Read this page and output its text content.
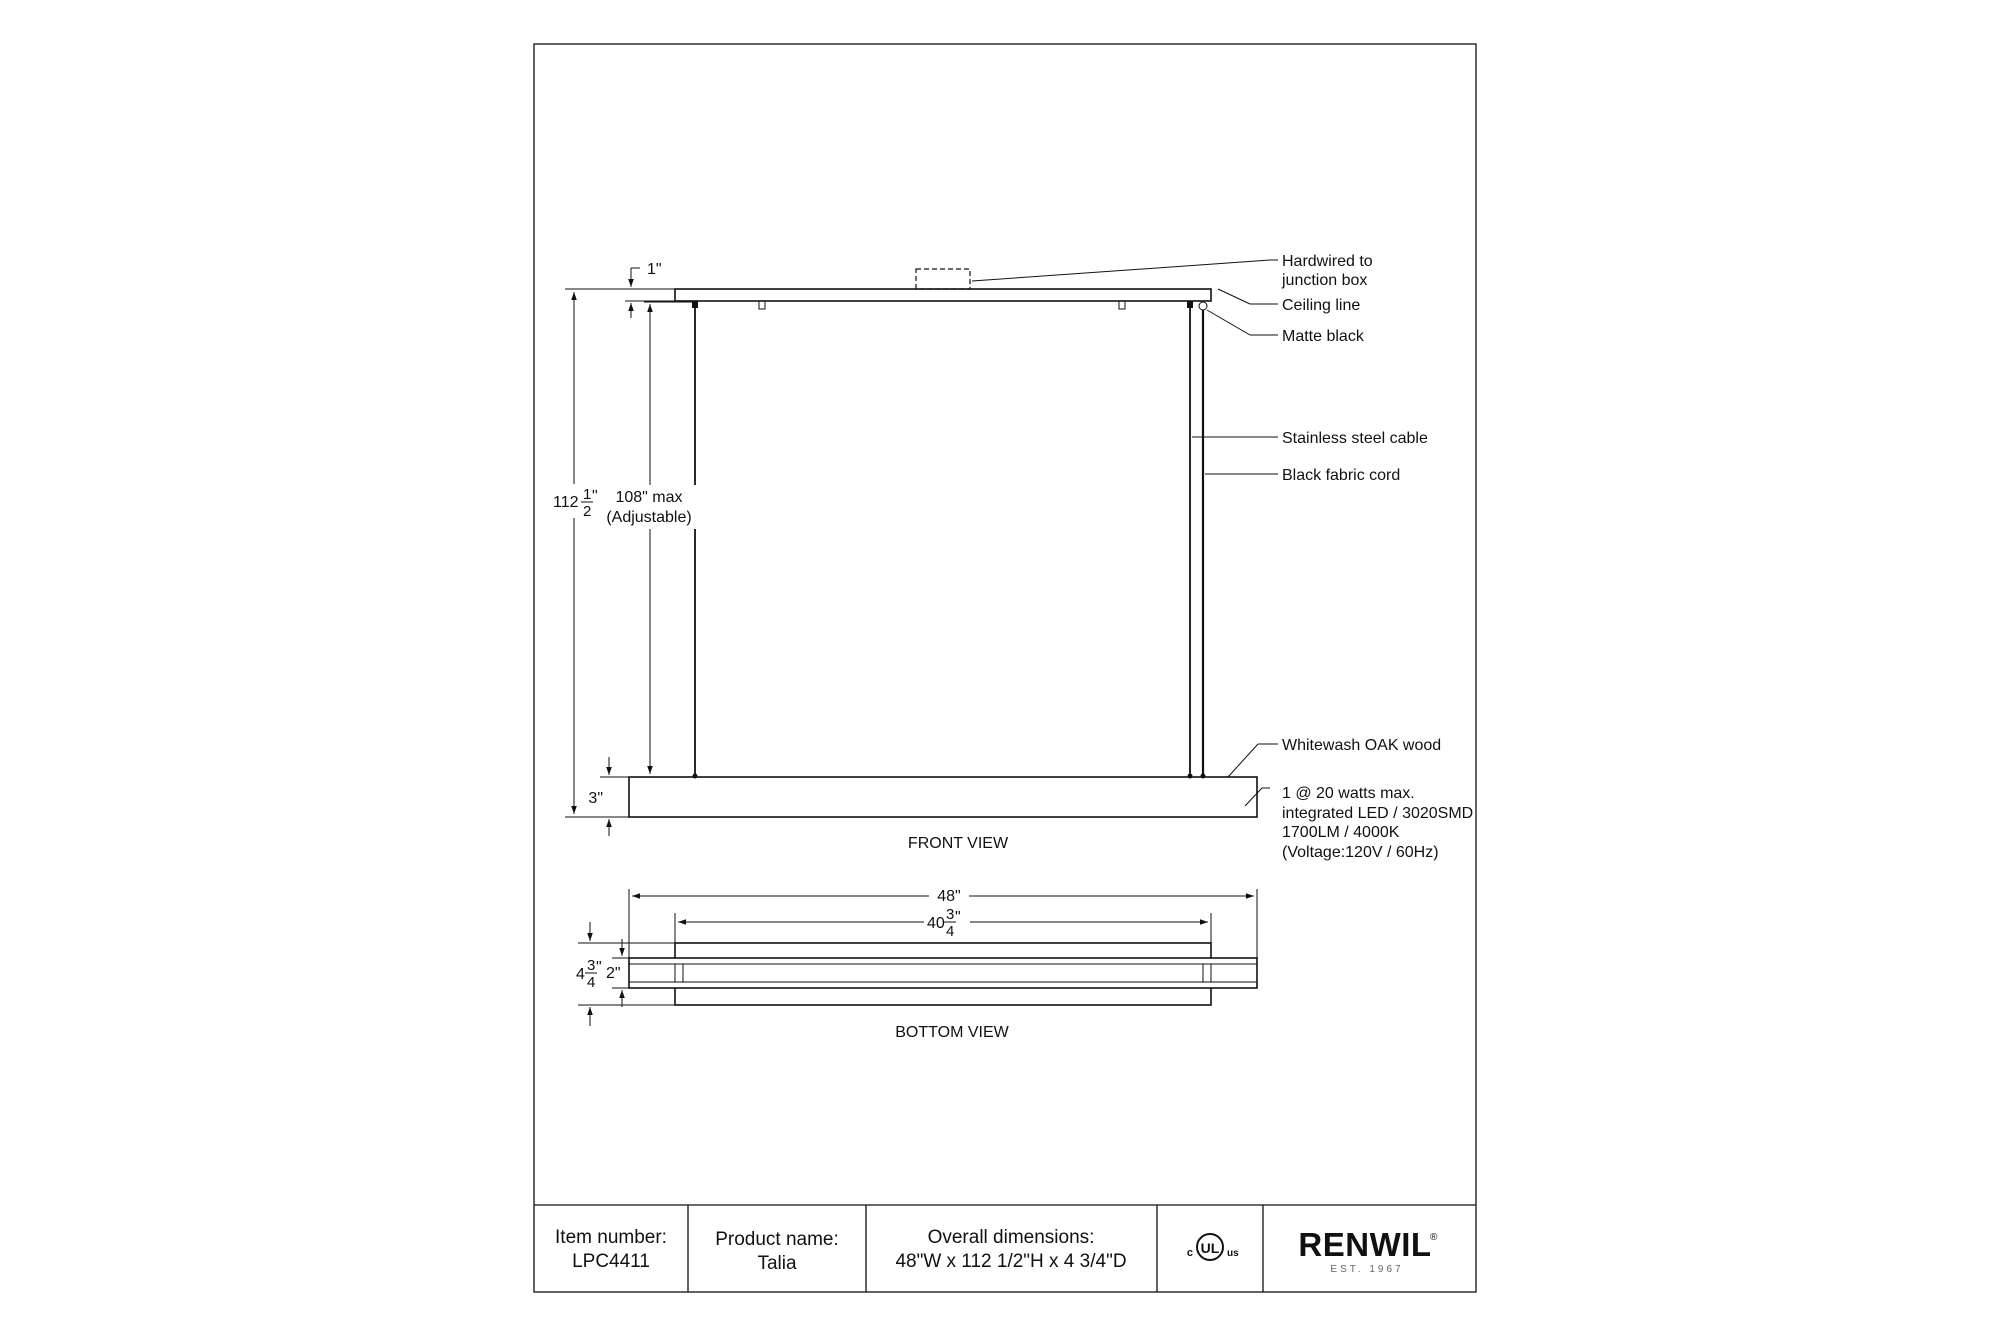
112 1
2
"
1"
108" max
(Adjustable)
3"
Hardwired to
junction box
Ceiling line
Matte black
Stainless steel cable
Black fabric cord
Whitewash OAK wood
1 @ 20 watts max.
integrated LED / 3020SMD
1700LM / 4000K
(Voltage:120V / 60Hz)
FRONT VIEW
48"
40
3
4
"
4
3
4
" 2"
BOTTOM VIEW
Item number:
LPC4411
Product name:
Talia
Overall dimensions:
48"W x 112 1/2"H x 4 3/4"D
UL
c	us RENWIL
®
EST. 1967
